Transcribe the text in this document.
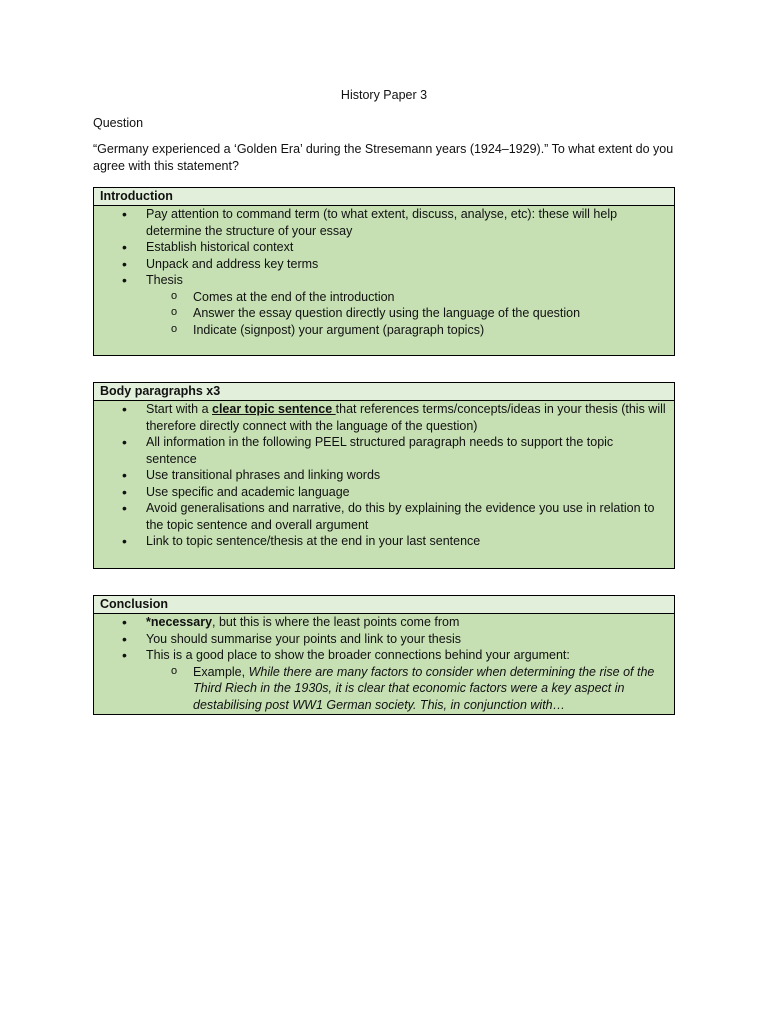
History Paper 3
Question
“Germany experienced a ‘Golden Era’ during the Stresemann years (1924–1929).” To what extent do you agree with this statement?
Introduction
• Pay attention to command term (to what extent, discuss, analyse, etc): these will help determine the structure of your essay
• Establish historical context
• Unpack and address key terms
• Thesis
o Comes at the end of the introduction
o Answer the essay question directly using the language of the question
o Indicate (signpost) your argument (paragraph topics)
Body paragraphs x3
• Start with a clear topic sentence that references terms/concepts/ideas in your thesis (this will therefore directly connect with the language of the question)
• All information in the following PEEL structured paragraph needs to support the topic sentence
• Use transitional phrases and linking words
• Use specific and academic language
• Avoid generalisations and narrative, do this by explaining the evidence you use in relation to the topic sentence and overall argument
• Link to topic sentence/thesis at the end in your last sentence
Conclusion
• *necessary, but this is where the least points come from
• You should summarise your points and link to your thesis
• This is a good place to show the broader connections behind your argument:
o Example, While there are many factors to consider when determining the rise of the Third Riech in the 1930s, it is clear that economic factors were a key aspect in destabilising post WW1 German society. This, in conjunction with…
